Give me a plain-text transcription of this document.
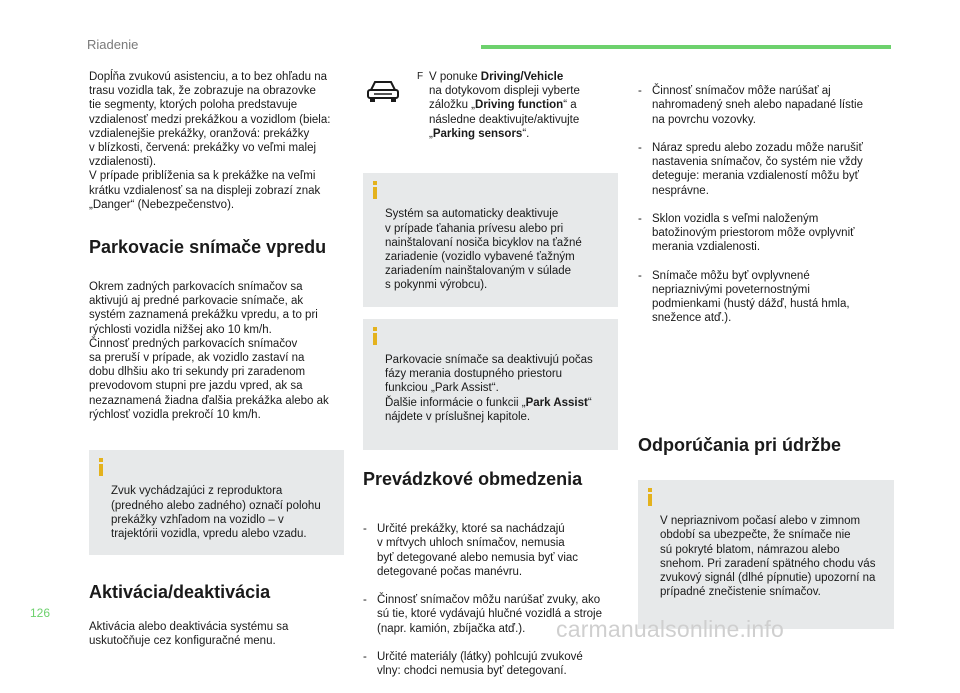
Riadenie

Dopĺňa zvukovú asistenciu, a to bez ohľadu na
trasu vozidla tak, že zobrazuje na obrazovke
tie segmenty, ktorých poloha predstavuje
vzdialenosť medzi prekážkou a vozidlom (biela:
vzdialenejšie prekážky, oranžová: prekážky
v blízkosti, červená: prekážky vo veľmi malej
vzdialenosti).
V prípade priblíženia sa k prekážke na veľmi
krátku vzdialenosť sa na displeji zobrazí znak
„Danger“ (Nebezpečenstvo).

Parkovacie snímače vpredu

Okrem zadných parkovacích snímačov sa
aktivujú aj predné parkovacie snímače, ak
systém zaznamená prekážku vpredu, a to pri
rýchlosti vozidla nižšej ako 10 km/h.
Činnosť predných parkovacích snímačov
sa preruší v prípade, ak vozidlo zastaví na
dobu dlhšiu ako tri sekundy pri zaradenom
prevodovom stupni pre jazdu vpred, ak sa
nezaznamená žiadna ďalšia prekážka alebo ak
rýchlosť vozidla prekročí 10 km/h.

Zvuk vychádzajúci z reproduktora
(predného alebo zadného) označí polohu
prekážky vzhľadom na vozidlo – v
trajektórii vozidla, vpredu alebo vzadu.

Aktivácia/deaktivácia

Aktivácia alebo deaktivácia systému sa
uskutočňuje cez konfiguračné menu.

F V ponuke Driving/Vehicle
na dotykovom displeji vyberte
záložku „Driving function“ a
následne deaktivujte/aktivujte
„Parking sensors“.

Systém sa automaticky deaktivuje
v prípade ťahania prívesu alebo pri
nainštalovaní nosiča bicyklov na ťažné
zariadenie (vozidlo vybavené ťažným
zariadením nainštalovaným v súlade
s pokynmi výrobcu).

Parkovacie snímače sa deaktivujú počas
fázy merania dostupného priestoru
funkciou „Park Assist“.
Ďalšie informácie o funkcii „Park Assist“
nájdete v príslušnej kapitole.

Prevádzkové obmedzenia

- Určité prekážky, ktoré sa nachádzajú
v mŕtvych uhloch snímačov, nemusia
byť detegované alebo nemusia byť viac
detegované počas manévru.

- Činnosť snímačov môžu narúšať zvuky, ako
sú tie, ktoré vydávajú hlučné vozidlá a stroje
(napr. kamión, zbíjačka atď.).

- Určité materiály (látky) pohlcujú zvukové
vlny: chodci nemusia byť detegovaní.

- Činnosť snímačov môže narúšať aj
nahromadený sneh alebo napadané lístie
na povrchu vozovky.

- Náraz spredu alebo zozadu môže narušiť
nastavenia snímačov, čo systém nie vždy
deteguje: merania vzdialeností môžu byť
nesprávne.

- Sklon vozidla s veľmi naloženým
batožinovým priestorom môže ovplyvniť
merania vzdialenosti.

- Snímače môžu byť ovplyvnené
nepriaznivými poveternostnými
podmienkami (hustý dážď, hustá hmla,
snežence atď.).

Odporúčania pri údržbe

V nepriaznivom počasí alebo v zimnom
období sa ubezpečte, že snímače nie
sú pokryté blatom, námrazou alebo
snehom. Pri zaradení spätného chodu vás
zvukový signál (dlhé pípnutie) upozorní na
prípadné znečistenie snímačov.

126
carmanualsonline.info
